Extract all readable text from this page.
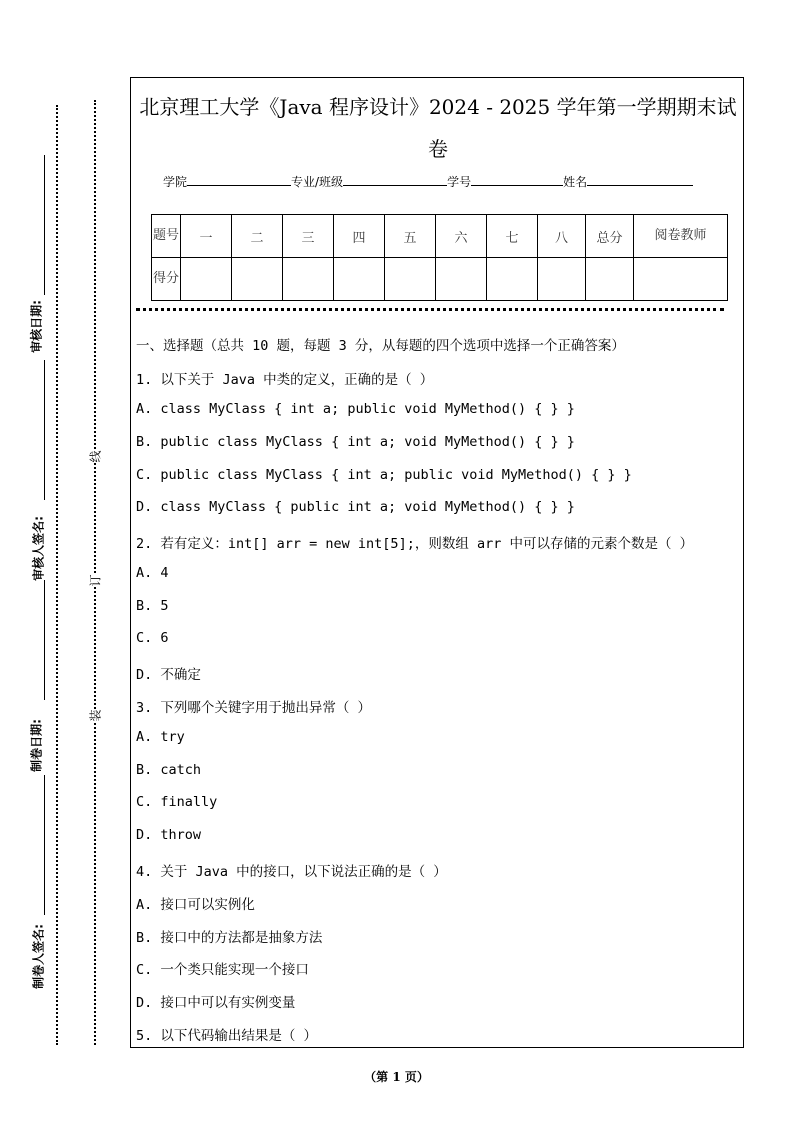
审核日期:
审核人签名:
制卷日期:
制卷人签名:
线
订
装
北京理工大学《Java 程序设计》2024 - 2025 学年第一学期期末试
卷
学院	专业/班级	学号	姓名
题号	一	二	三	四	五	六	七	八	总分	阅卷教师
得分										
一、选择题（总共 10 题，每题 3 分，从每题的四个选项中选择一个正确答案）
1. 以下关于 Java 中类的定义，正确的是（ ）
A. class MyClass { int a; public void MyMethod() { } }
B. public class MyClass { int a; void MyMethod() { } }
C. public class MyClass { int a; public void MyMethod() { } }
D. class MyClass { public int a; void MyMethod() { } }
2. 若有定义：int[] arr = new int[5];，则数组 arr 中可以存储的元素个数是（ ）
A. 4
B. 5
C. 6
D. 不确定
3. 下列哪个关键字用于抛出异常（ ）
A. try
B. catch
C. finally
D. throw
4. 关于 Java 中的接口，以下说法正确的是（ ）
A. 接口可以实例化
B. 接口中的方法都是抽象方法
C. 一个类只能实现一个接口
D. 接口中可以有实例变量
5. 以下代码输出结果是（ ）
（第 1 页）
